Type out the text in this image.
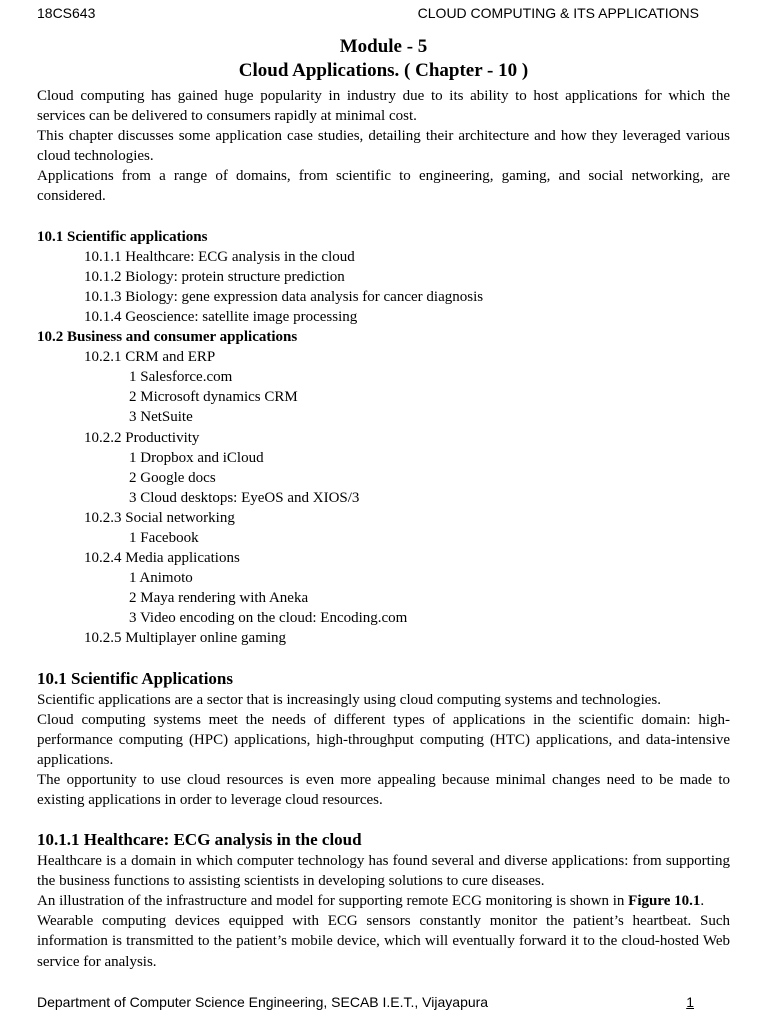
18CS643	CLOUD COMPUTING & ITS APPLICATIONS
Module - 5
Cloud Applications. ( Chapter - 10 )

Cloud computing has gained huge popularity in industry due to its ability to host applications for which the services can be delivered to consumers rapidly at minimal cost.

This chapter discusses some application case studies, detailing their architecture and how they leveraged various cloud technologies.

Applications from a range of domains, from scientific to engineering, gaming, and social networking, are considered.

10.1 Scientific applications
10.1.1 Healthcare: ECG analysis in the cloud
10.1.2 Biology: protein structure prediction
10.1.3 Biology: gene expression data analysis for cancer diagnosis
10.1.4 Geoscience: satellite image processing
10.2 Business and consumer applications
10.2.1 CRM and ERP
1 Salesforce.com
2 Microsoft dynamics CRM
3 NetSuite
10.2.2 Productivity
1 Dropbox and iCloud
2 Google docs
3 Cloud desktops: EyeOS and XIOS/3
10.2.3 Social networking
1 Facebook
10.2.4 Media applications
1 Animoto
2 Maya rendering with Aneka
3 Video encoding on the cloud: Encoding.com
10.2.5 Multiplayer online gaming
10.1 Scientific Applications

Scientific applications are a sector that is increasingly using cloud computing systems and technologies.

Cloud computing systems meet the needs of different types of applications in the scientific domain: high-performance computing (HPC) applications, high-throughput computing (HTC) applications, and data-intensive applications.

The opportunity to use cloud resources is even more appealing because minimal changes need to be made to existing applications in order to leverage cloud resources.

10.1.1 Healthcare: ECG analysis in the cloud

Healthcare is a domain in which computer technology has found several and diverse applications: from supporting the business functions to assisting scientists in developing solutions to cure diseases.

An illustration of the infrastructure and model for supporting remote ECG monitoring is shown in Figure 10.1.

Wearable computing devices equipped with ECG sensors constantly monitor the patient’s heartbeat. Such information is transmitted to the patient’s mobile device, which will eventually forward it to the cloud-hosted Web service for analysis.

Department of Computer Science Engineering, SECAB I.E.T., Vijayapura	1
